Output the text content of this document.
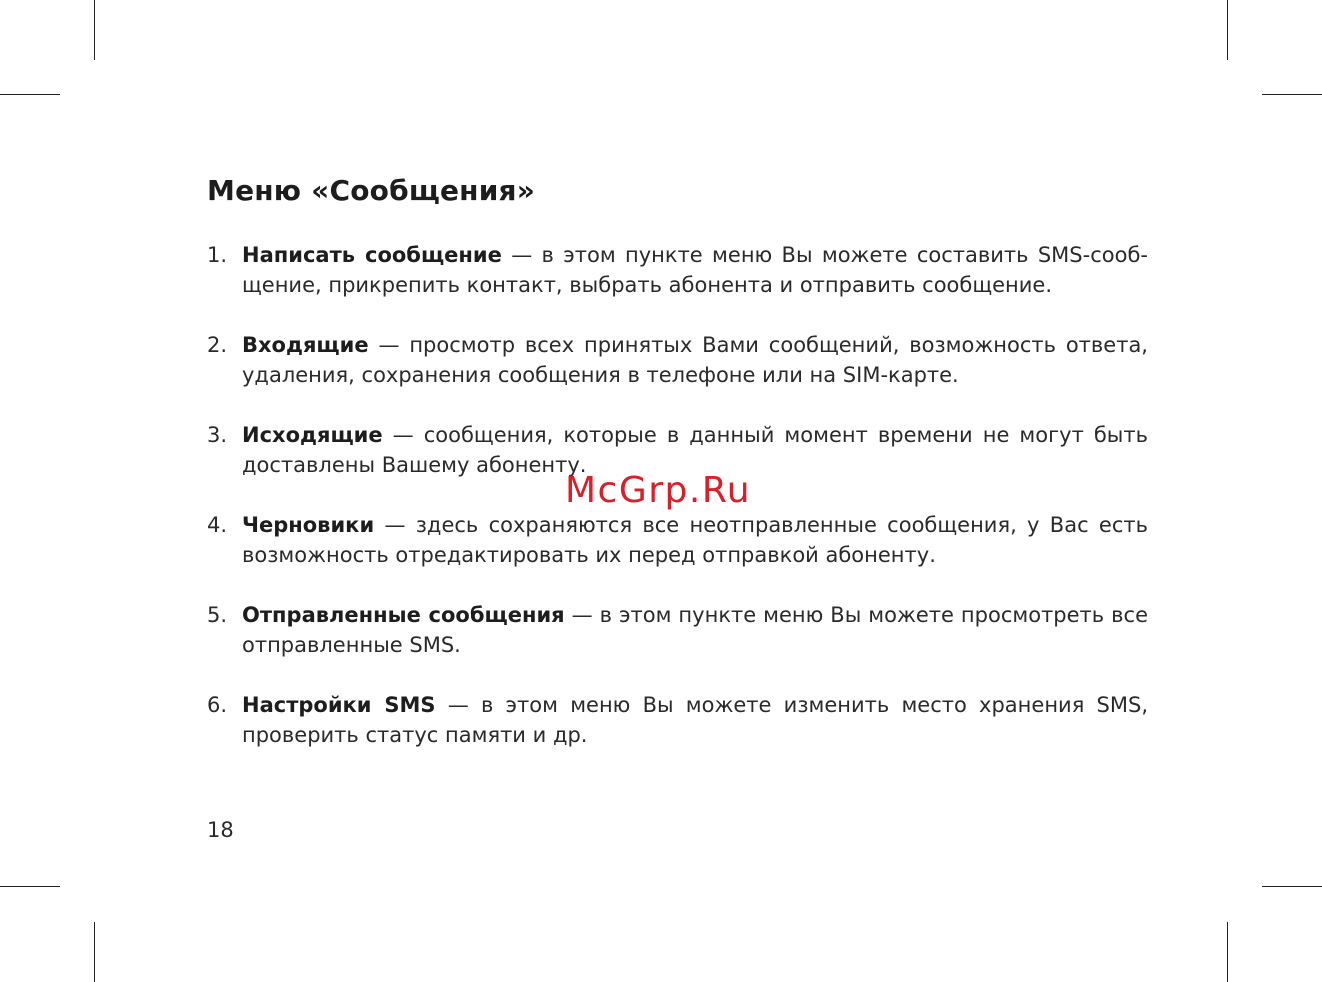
Меню «Сообщения»
1. Написать сообщение — в этом пункте меню Вы можете составить SMS-сообщение, прикрепить контакт, выбрать абонента и отправить сообщение.
2. Входящие — просмотр всех принятых Вами сообщений, возможность ответа, удаления, сохранения сообщения в телефоне или на SIM-карте.
3. Исходящие — сообщения, которые в данный момент времени не могут быть доставлены Вашему абоненту.
4. Черновики — здесь сохраняются все неотправленные сообщения, у Вас есть возможность отредактировать их перед отправкой абоненту.
5. Отправленные сообщения — в этом пункте меню Вы можете просмотреть все отправленные SMS.
6. Настройки SMS — в этом меню Вы можете изменить место хранения SMS, проверить статус памяти и др.
McGrp.Ru
18
